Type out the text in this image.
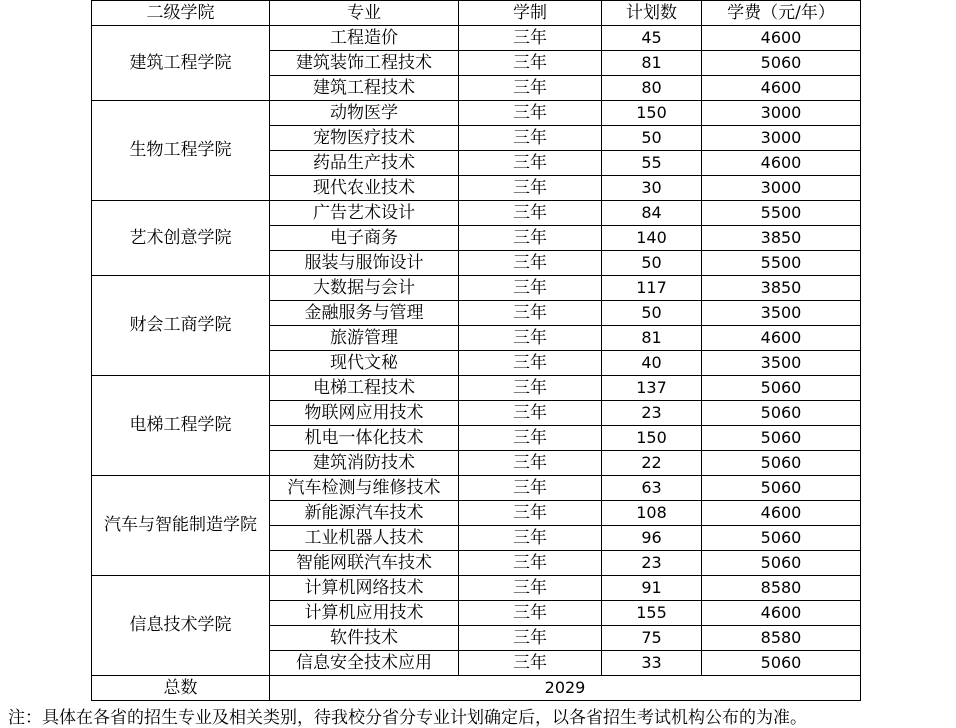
二级学院	专业	学制	计划数	学费（元/年）
建筑工程学院	工程造价	三年	45	4600
	建筑装饰工程技术	三年	81	5060
	建筑工程技术	三年	80	4600
生物工程学院	动物医学	三年	150	3000
	宠物医疗技术	三年	50	3000
	药品生产技术	三年	55	4600
	现代农业技术	三年	30	3000
艺术创意学院	广告艺术设计	三年	84	5500
	电子商务	三年	140	3850
	服装与服饰设计	三年	50	5500
财会工商学院	大数据与会计	三年	117	3850
	金融服务与管理	三年	50	3500
	旅游管理	三年	81	4600
	现代文秘	三年	40	3500
电梯工程学院	电梯工程技术	三年	137	5060
	物联网应用技术	三年	23	5060
	机电一体化技术	三年	150	5060
	建筑消防技术	三年	22	5060
汽车与智能制造学院	汽车检测与维修技术	三年	63	5060
	新能源汽车技术	三年	108	4600
	工业机器人技术	三年	96	5060
	智能网联汽车技术	三年	23	5060
信息技术学院	计算机网络技术	三年	91	8580
	计算机应用技术	三年	155	4600
	软件技术	三年	75	8580
	信息安全技术应用	三年	33	5060
总数	2029			
注：具体在各省的招生专业及相关类别，待我校分省分专业计划确定后，以各省招生考试机构公布的为准。
